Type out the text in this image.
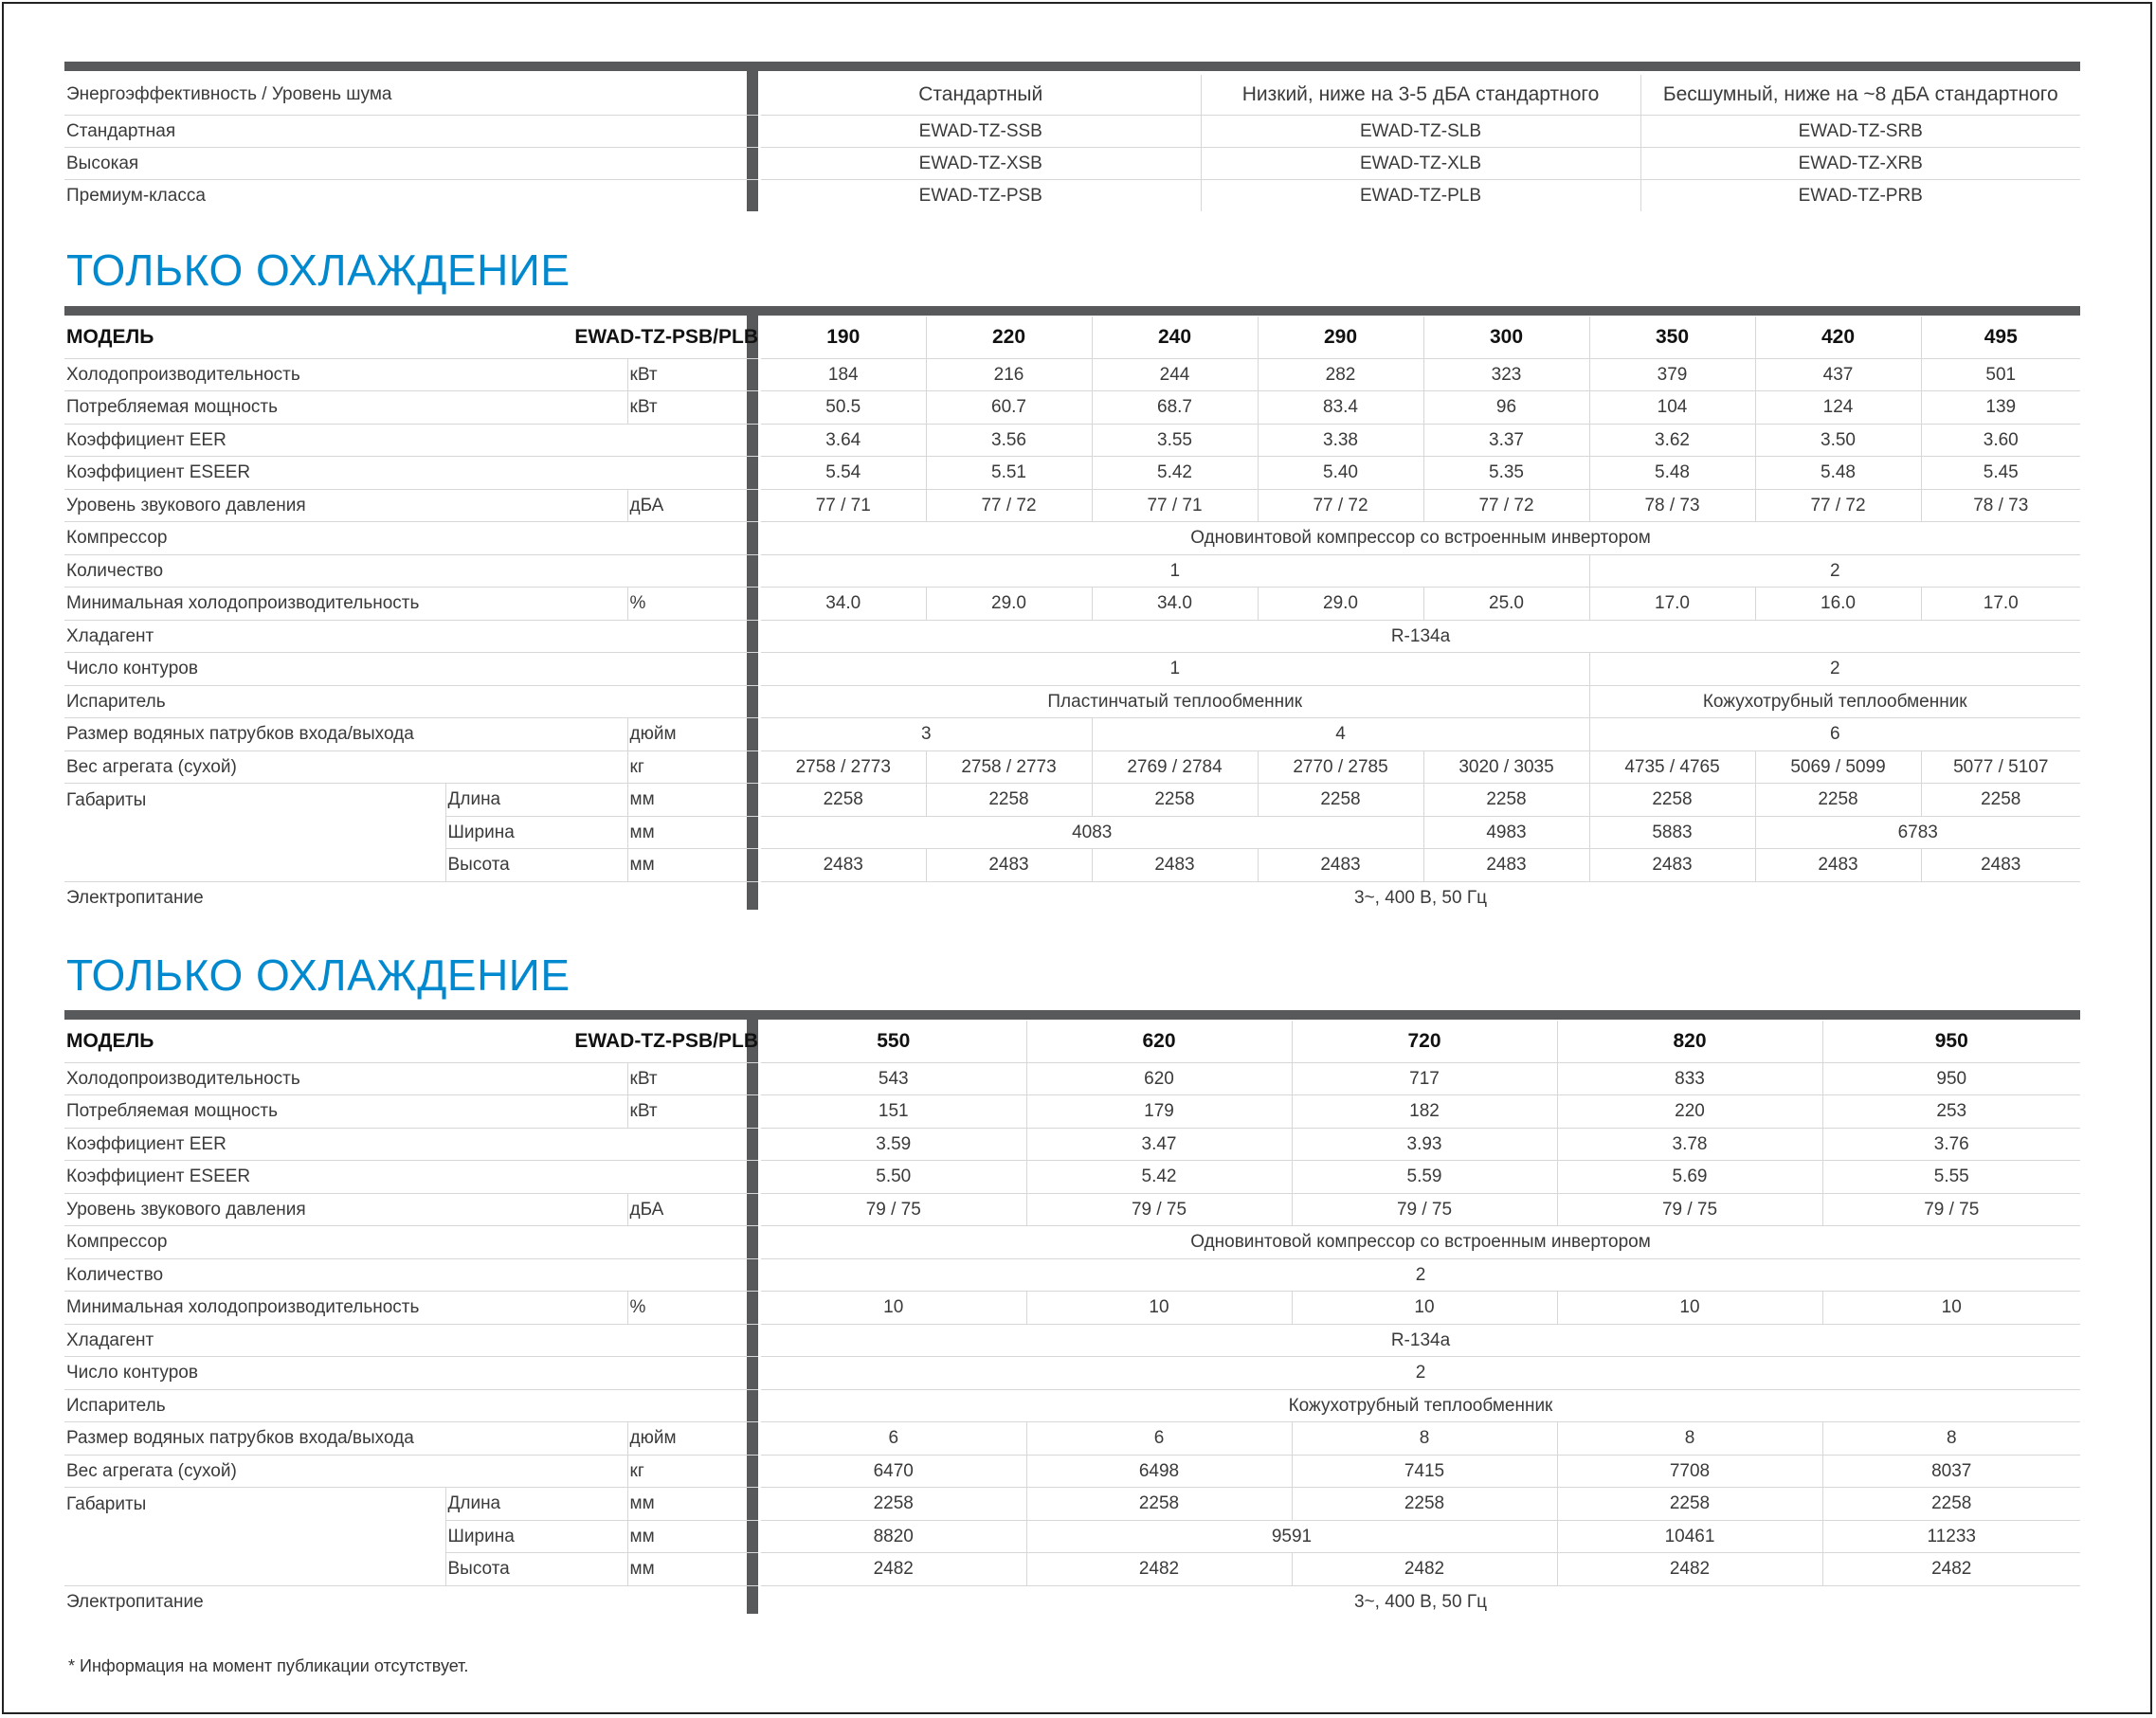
Энергоэффективность / Уровень шума		Стандартный	Низкий, ниже на 3-5 дБА стандартного	Бесшумный, ниже на ~8 дБА стандартного
Стандартная		EWAD-TZ-SSB	EWAD-TZ-SLB	EWAD-TZ-SRB
Высокая		EWAD-TZ-XSB	EWAD-TZ-XLB	EWAD-TZ-XRB
Премиум-класса		EWAD-TZ-PSB	EWAD-TZ-PLB	EWAD-TZ-PRB
ТОЛЬКО ОХЛАЖДЕНИЕ
МОДЕЛЬ	EWAD-TZ-PSB/PLB			190	220	240	290	300	350	420	495
Холодопроизводительность		кВт		184	216	244	282	323	379	437	501
Потребляемая мощность		кВт		50.5	60.7	68.7	83.4	96	104	124	139
Коэффициент EER				3.64	3.56	3.55	3.38	3.37	3.62	3.50	3.60
Коэффициент ESEER				5.54	5.51	5.42	5.40	5.35	5.48	5.48	5.45
Уровень звукового давления		дБА		77 / 71	77 / 72	77 / 71	77 / 72	77 / 72	78 / 73	77 / 72	78 / 73
Компрессор				Одновинтовой компрессор со встроенным инвертором							
Количество				1					2		
Минимальная холодопроизводительность		%		34.0	29.0	34.0	29.0	25.0	17.0	16.0	17.0
Хладагент				R-134a							
Число контуров				1					2		
Испаритель				Пластинчатый теплообменник					Кожухотрубный теплообменник		
Размер водяных патрубков входа/выхода		дюйм		3		4			6		
Вес агрегата (сухой)		кг		2758 / 2773	2758 / 2773	2769 / 2784	2770 / 2785	3020 / 3035	4735 / 4765	5069 / 5099	5077 / 5107
Габариты	Длина	мм		2258	2258	2258	2258	2258	2258	2258	2258
	Ширина	мм		4083				4983	5883	6783	
	Высота	мм		2483	2483	2483	2483	2483	2483	2483	2483
Электропитание				3~, 400 В, 50 Гц							
ТОЛЬКО ОХЛАЖДЕНИЕ
МОДЕЛЬ	EWAD-TZ-PSB/PLB			550	620	720	820	950
Холодопроизводительность		кВт		543	620	717	833	950
Потребляемая мощность		кВт		151	179	182	220	253
Коэффициент EER				3.59	3.47	3.93	3.78	3.76
Коэффициент ESEER				5.50	5.42	5.59	5.69	5.55
Уровень звукового давления		дБА		79 / 75	79 / 75	79 / 75	79 / 75	79 / 75
Компрессор				Одновинтовой компрессор со встроенным инвертором				
Количество				2				
Минимальная холодопроизводительность		%		10	10	10	10	10
Хладагент				R-134a				
Число контуров				2				
Испаритель				Кожухотрубный теплообменник				
Размер водяных патрубков входа/выхода		дюйм		6	6	8	8	8
Вес агрегата (сухой)		кг		6470	6498	7415	7708	8037
Габариты	Длина	мм		2258	2258	2258	2258	2258
	Ширина	мм		8820	9591		10461	11233
	Высота	мм		2482	2482	2482	2482	2482
Электропитание				3~, 400 В, 50 Гц				
* Информация на момент публикации отсутствует.
